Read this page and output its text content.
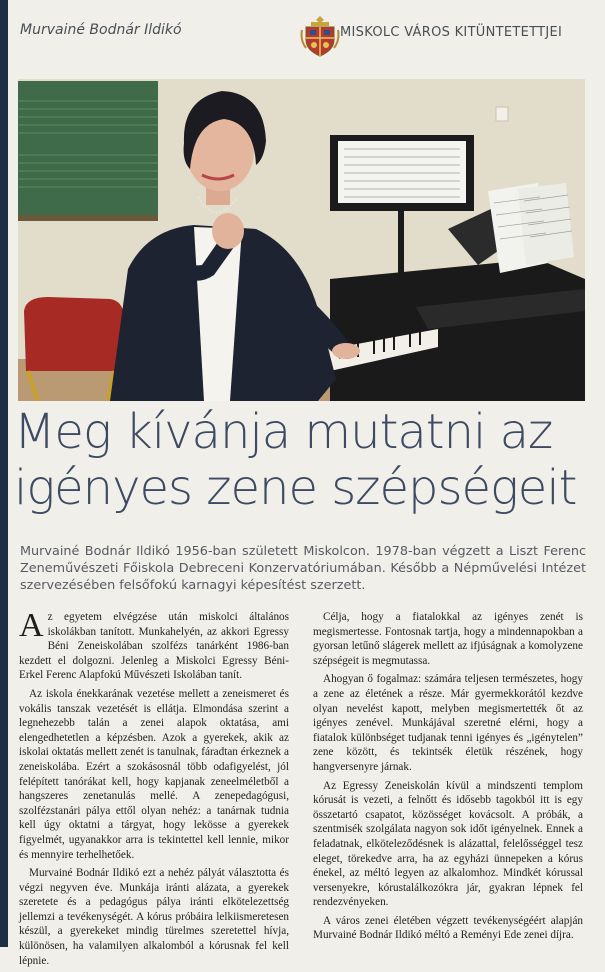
Murvainé Bodnár Ildikó	MISKOLC VÁROS KITÜNTETETTJEI
Meg kívánja mutatni az
igényes zene szépségeit
Murvainé Bodnár Ildikó 1956-ban született Miskolcon. 1978-ban végzett a Liszt Ferenc Zeneművészeti Főiskola Debreceni Konzervatóriumában. Később a Népművelési Intézet szervezésében felsőfokú karnagyi képesítést szerzett.

Az egyetem elvégzése után miskolci általános iskolákban tanított. Munkahelyén, az akkori Egressy Béni Zeneiskolában szolfézs tanárként 1986-ban kezdett el dolgozni. Jelenleg a Miskolci Egressy Béni- Erkel Ferenc Alapfokú Művészeti Iskolában tanít.

Az iskola énekkarának vezetése mellett a zeneismeret és vokális tanszak vezetését is ellátja. Elmondása szerint a legnehezebb talán a zenei alapok oktatása, ami elengedhetetlen a képzésben. Azok a gyerekek, akik az iskolai oktatás mellett zenét is tanulnak, fáradtan érkeznek a zeneiskolába. Ezért a szokásosnál több odafigyelést, jól felépített tanórákat kell, hogy kapjanak zeneelméletből a hangszeres zenetanulás mellé. A zenepedagógusi, szolfézstanári pálya ettől olyan nehéz: a tanárnak tudnia kell úgy oktatni a tárgyat, hogy lekösse a gyerekek figyelmét, ugyanakkor arra is tekintettel kell lennie, mikor és mennyire terhelhetőek.

Murvainé Bodnár Ildikó ezt a nehéz pályát választotta és végzi negyven éve. Munkája iránti alázata, a gyerekek szeretete és a pedagógus pálya iránti elkötelezettség jellemzi a tevékenységét. A kórus próbáira lelkiismeretesen készül, a gyerekeket mindig türelmes szeretettel hívja, különösen, ha valamilyen alkalomból a kórusnak fel kell lépnie.

Célja, hogy a fiatalokkal az igényes zenét is megismertesse. Fontosnak tartja, hogy a mindennapokban a gyorsan letűnő slágerek mellett az ifjúságnak a komolyzene szépségeit is megmutassa.

Ahogyan ő fogalmaz: számára teljesen természetes, hogy a zene az életének a része. Már gyermekkorától kezdve olyan nevelést kapott, melyben megismertették őt az igényes zenével. Munkájával szeretné elérni, hogy a fiatalok különbséget tudjanak tenni igényes és „igénytelen” zene között, és tekintsék életük részének, hogy hangversenyre járnak.

Az Egressy Zeneiskolán kívül a mindszenti templom kórusát is vezeti, a felnőtt és idősebb tagokból itt is egy összetartó csapatot, közösséget kovácsolt. A próbák, a szentmisék szolgálata nagyon sok időt igényelnek. Ennek a feladatnak, elköteleződésnek is alázattal, felelősséggel tesz eleget, törekedve arra, ha az egyházi ünnepeken a kórus énekel, az méltó legyen az alkalomhoz. Mindkét kórussal versenyekre, kórustalálkozókra jár, gyakran lépnek fel rendezvényeken.

A város zenei életében végzett tevékenységéért alapján Murvainé Bodnár Ildikó méltó a Reményi Ede zenei díjra.
